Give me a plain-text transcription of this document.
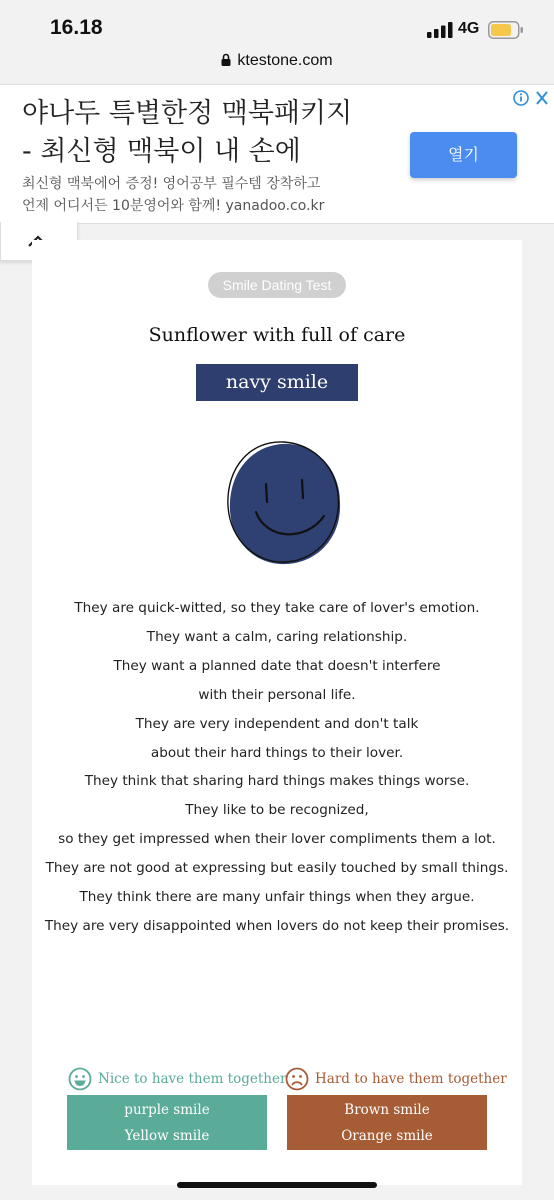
16.18	4G
ktestone.com
야나두 특별한정 맥북패키지
- 최신형 맥북이 내 손에
최신형 맥북에어 증정! 영어공부 필수템 장착하고
언제 어디서든 10분영어와 함께! yanadoo.co.kr
열기
Smile Dating Test
Sunflower with full of care
navy smile
They are quick-witted, so they take care of lover's emotion.
They want a calm, caring relationship.
They want a planned date that doesn't interfere
with their personal life.
They are very independent and don't talk
about their hard things to their lover.
They think that sharing hard things makes things worse.
They like to be recognized,
so they get impressed when their lover compliments them a lot.
They are not good at expressing but easily touched by small things.
They think there are many unfair things when they argue.
They are very disappointed when lovers do not keep their promises.
Nice to have them together
purple smile
Yellow smile
Hard to have them together
Brown smile
Orange smile
